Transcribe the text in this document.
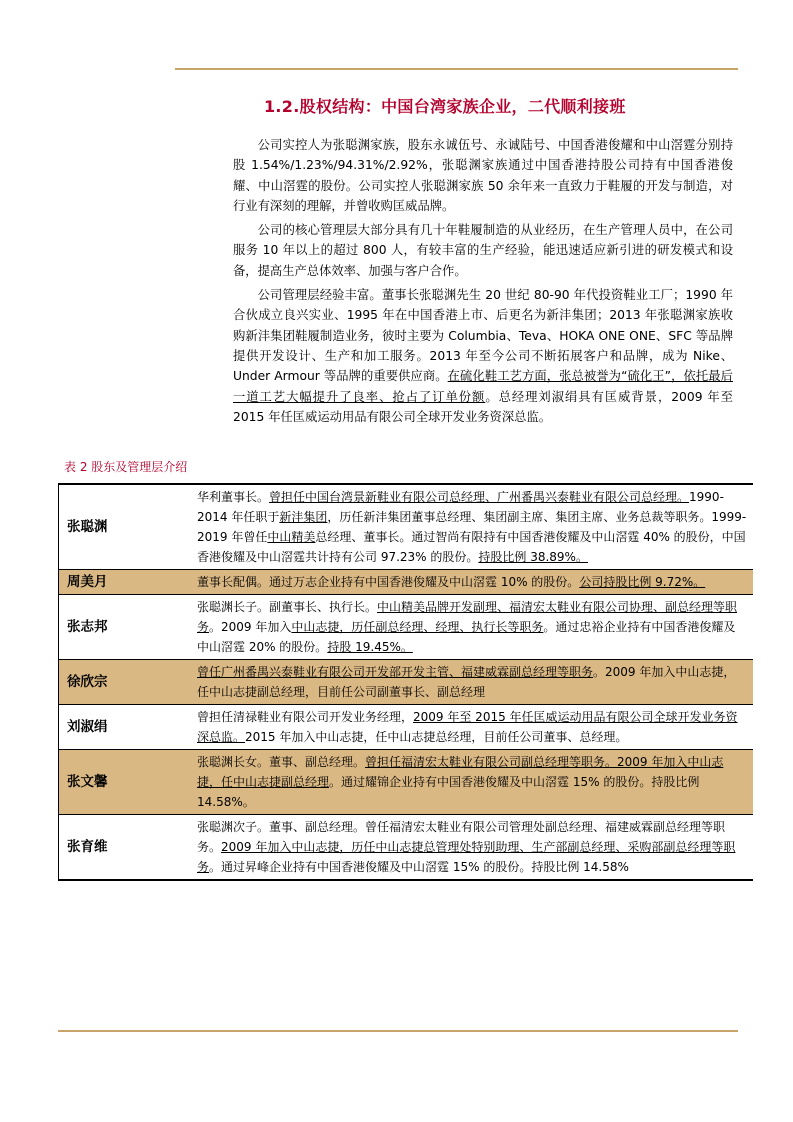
1.2.股权结构：中国台湾家族企业，二代顺利接班

公司实控人为张聪渊家族，股东永诚伍号、永诚陆号、中国香港俊耀和中山滘霆分别持股 1.54%/1.23%/94.31%/2.92%，张聪渊家族通过中国香港持股公司持有中国香港俊耀、中山滘霆的股份。公司实控人张聪渊家族 50 余年来一直致力于鞋履的开发与制造，对行业有深刻的理解，并曾收购匡威品牌。

公司的核心管理层大部分具有几十年鞋履制造的从业经历，在生产管理人员中，在公司服务 10 年以上的超过 800 人，有较丰富的生产经验，能迅速适应新引进的研发模式和设备，提高生产总体效率、加强与客户合作。

公司管理层经验丰富。董事长张聪渊先生 20 世纪 80-90 年代投资鞋业工厂；1990 年合伙成立良兴实业、1995 年在中国香港上市、后更名为新沣集团；2013 年张聪渊家族收购新沣集团鞋履制造业务，彼时主要为 Columbia、Teva、HOKA ONE ONE、SFC 等品牌提供开发设计、生产和加工服务。2013 年至今公司不断拓展客户和品牌，成为 Nike、Under Armour 等品牌的重要供应商。在硫化鞋工艺方面，张总被誉为“硫化王”，依托最后一道工艺大幅提升了良率、抢占了订单份额。总经理刘淑绢具有匡威背景，2009 年至 2015 年任匡威运动用品有限公司全球开发业务资深总监。

表 2 股东及管理层介绍
张聪渊	华利董事长。曾担任中国台湾景新鞋业有限公司总经理、广州番禺兴泰鞋业有限公司总经理。1990-2014 年任职于新沣集团，历任新沣集团董事总经理、集团副主席、集团主席、业务总裁等职务。1999-2019 年曾任中山精美总经理、董事长。通过智尚有限持有中国香港俊耀及中山滘霆 40% 的股份，中国香港俊耀及中山滘霆共计持有公司 97.23% 的股份。持股比例 38.89%。
周美月	董事长配偶。通过万志企业持有中国香港俊耀及中山滘霆 10% 的股份。公司持股比例 9.72%。
张志邦	张聪渊长子。副董事长、执行长。中山精美品牌开发副理、福清宏太鞋业有限公司协理、副总经理等职务。2009 年加入中山志捷，历任副总经理、经理、执行长等职务。通过忠裕企业持有中国香港俊耀及中山滘霆 20% 的股份。持股 19.45%。
徐欣宗	曾任广州番禺兴泰鞋业有限公司开发部开发主管、福建威霖副总经理等职务。2009 年加入中山志捷，任中山志捷副总经理，目前任公司副董事长、副总经理
刘淑绢	曾担任清禄鞋业有限公司开发业务经理，2009 年至 2015 年任匡威运动用品有限公司全球开发业务资深总监。2015 年加入中山志捷，任中山志捷总经理，目前任公司董事、总经理。
张文馨	张聪渊长女。董事、副总经理。曾担任福清宏太鞋业有限公司副总经理等职务。2009 年加入中山志捷，任中山志捷副总经理。通过耀锦企业持有中国香港俊耀及中山滘霆 15% 的股份。持股比例 14.58%。
张育维	张聪渊次子。董事、副总经理。曾任福清宏太鞋业有限公司管理处副总经理、福建威霖副总经理等职务。2009 年加入中山志捷，历任中山志捷总管理处特别助理、生产部副总经理、采购部副总经理等职务。通过昇峰企业持有中国香港俊耀及中山滘霆 15% 的股份。持股比例 14.58%
